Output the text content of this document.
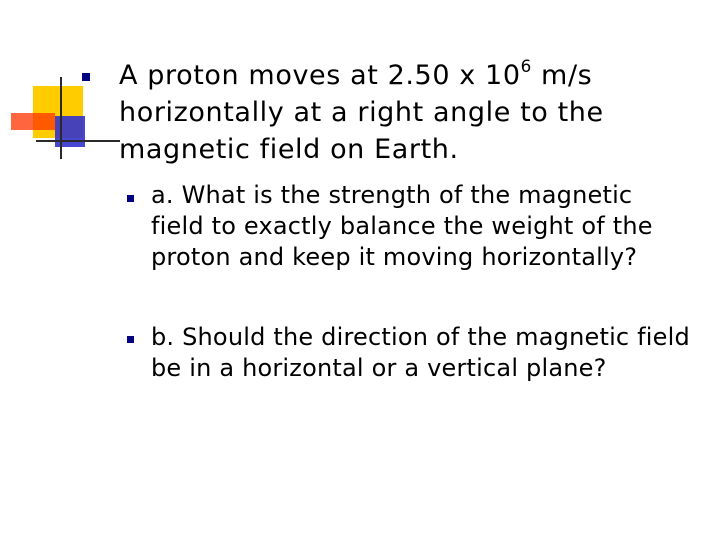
A proton moves at 2.50 x $10^6$ m/s horizontally at a right angle to the magnetic field on Earth.

a. What is the strength of the magnetic field to exactly balance the weight of the proton and keep it moving horizontally?

b. Should the direction of the magnetic field be in a horizontal or a vertical plane?
